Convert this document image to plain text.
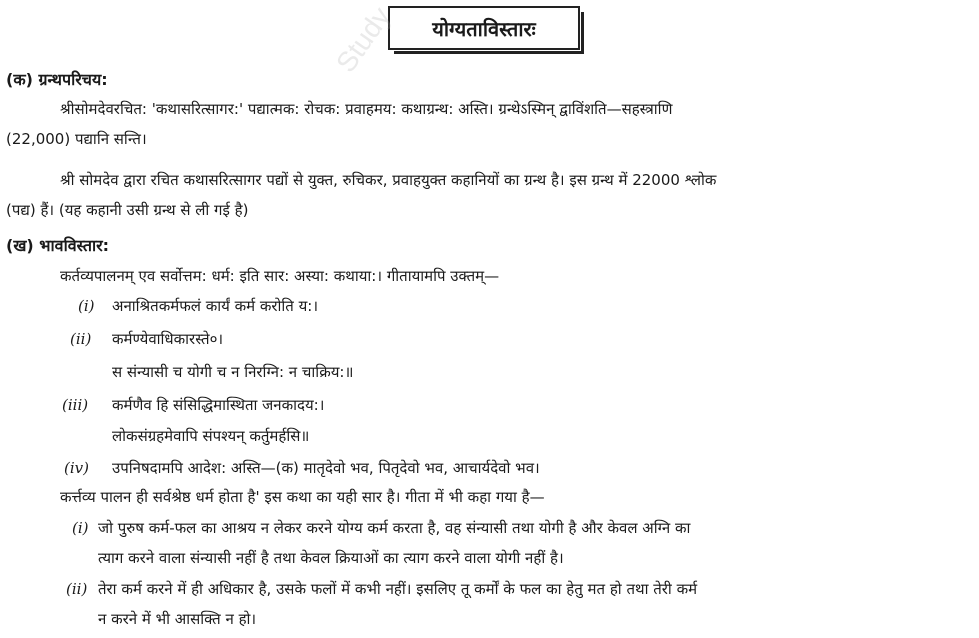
योग्यताविस्तारः
Study
(क) ग्रन्थपरिचय:
श्रीसोमदेवरचित: 'कथासरित्सागर:' पद्यात्मक: रोचक: प्रवाहमय: कथाग्रन्थ: अस्ति। ग्रन्थेऽस्मिन् द्वाविंशति—सहस्त्राणि
(22,000) पद्यानि सन्ति।
श्री सोमदेव द्वारा रचित कथासरित्सागर पद्यों से युक्त, रुचिकर, प्रवाहयुक्त कहानियों का ग्रन्थ है। इस ग्रन्थ में 22000 श्लोक
(पद्य) हैं। (यह कहानी उसी ग्रन्थ से ली गई है)
(ख) भावविस्तार:
कर्तव्यपालनम् एव सर्वोत्तम: धर्म: इति सार: अस्या: कथाया:। गीतायामपि उक्तम्—
(i) अनाश्रितकर्मफलं कार्यं कर्म करोति य:।
(ii) कर्मण्येवाधिकारस्ते०।
स संन्यासी च योगी च न निरग्नि: न चाक्रिय:॥
(iii) कर्मणैव हि संसिद्धिमास्थिता जनकादय:।
लोकसंग्रहमेवापि संपश्यन् कर्तुमर्हसि॥
(iv) उपनिषदामपि आदेश: अस्ति—(क) मातृदेवो भव, पितृदेवो भव, आचार्यदेवो भव।
कर्त्तव्य पालन ही सर्वश्रेष्ठ धर्म होता है' इस कथा का यही सार है। गीता में भी कहा गया है—
(i) जो पुरुष कर्म-फल का आश्रय न लेकर करने योग्य कर्म करता है, वह संन्यासी तथा योगी है और केवल अग्नि का
त्याग करने वाला संन्यासी नहीं है तथा केवल क्रियाओं का त्याग करने वाला योगी नहीं है।
(ii) तेरा कर्म करने में ही अधिकार है, उसके फलों में कभी नहीं। इसलिए तू कर्मों के फल का हेतु मत हो तथा तेरी कर्म
न करने में भी आसक्ति न हो।
